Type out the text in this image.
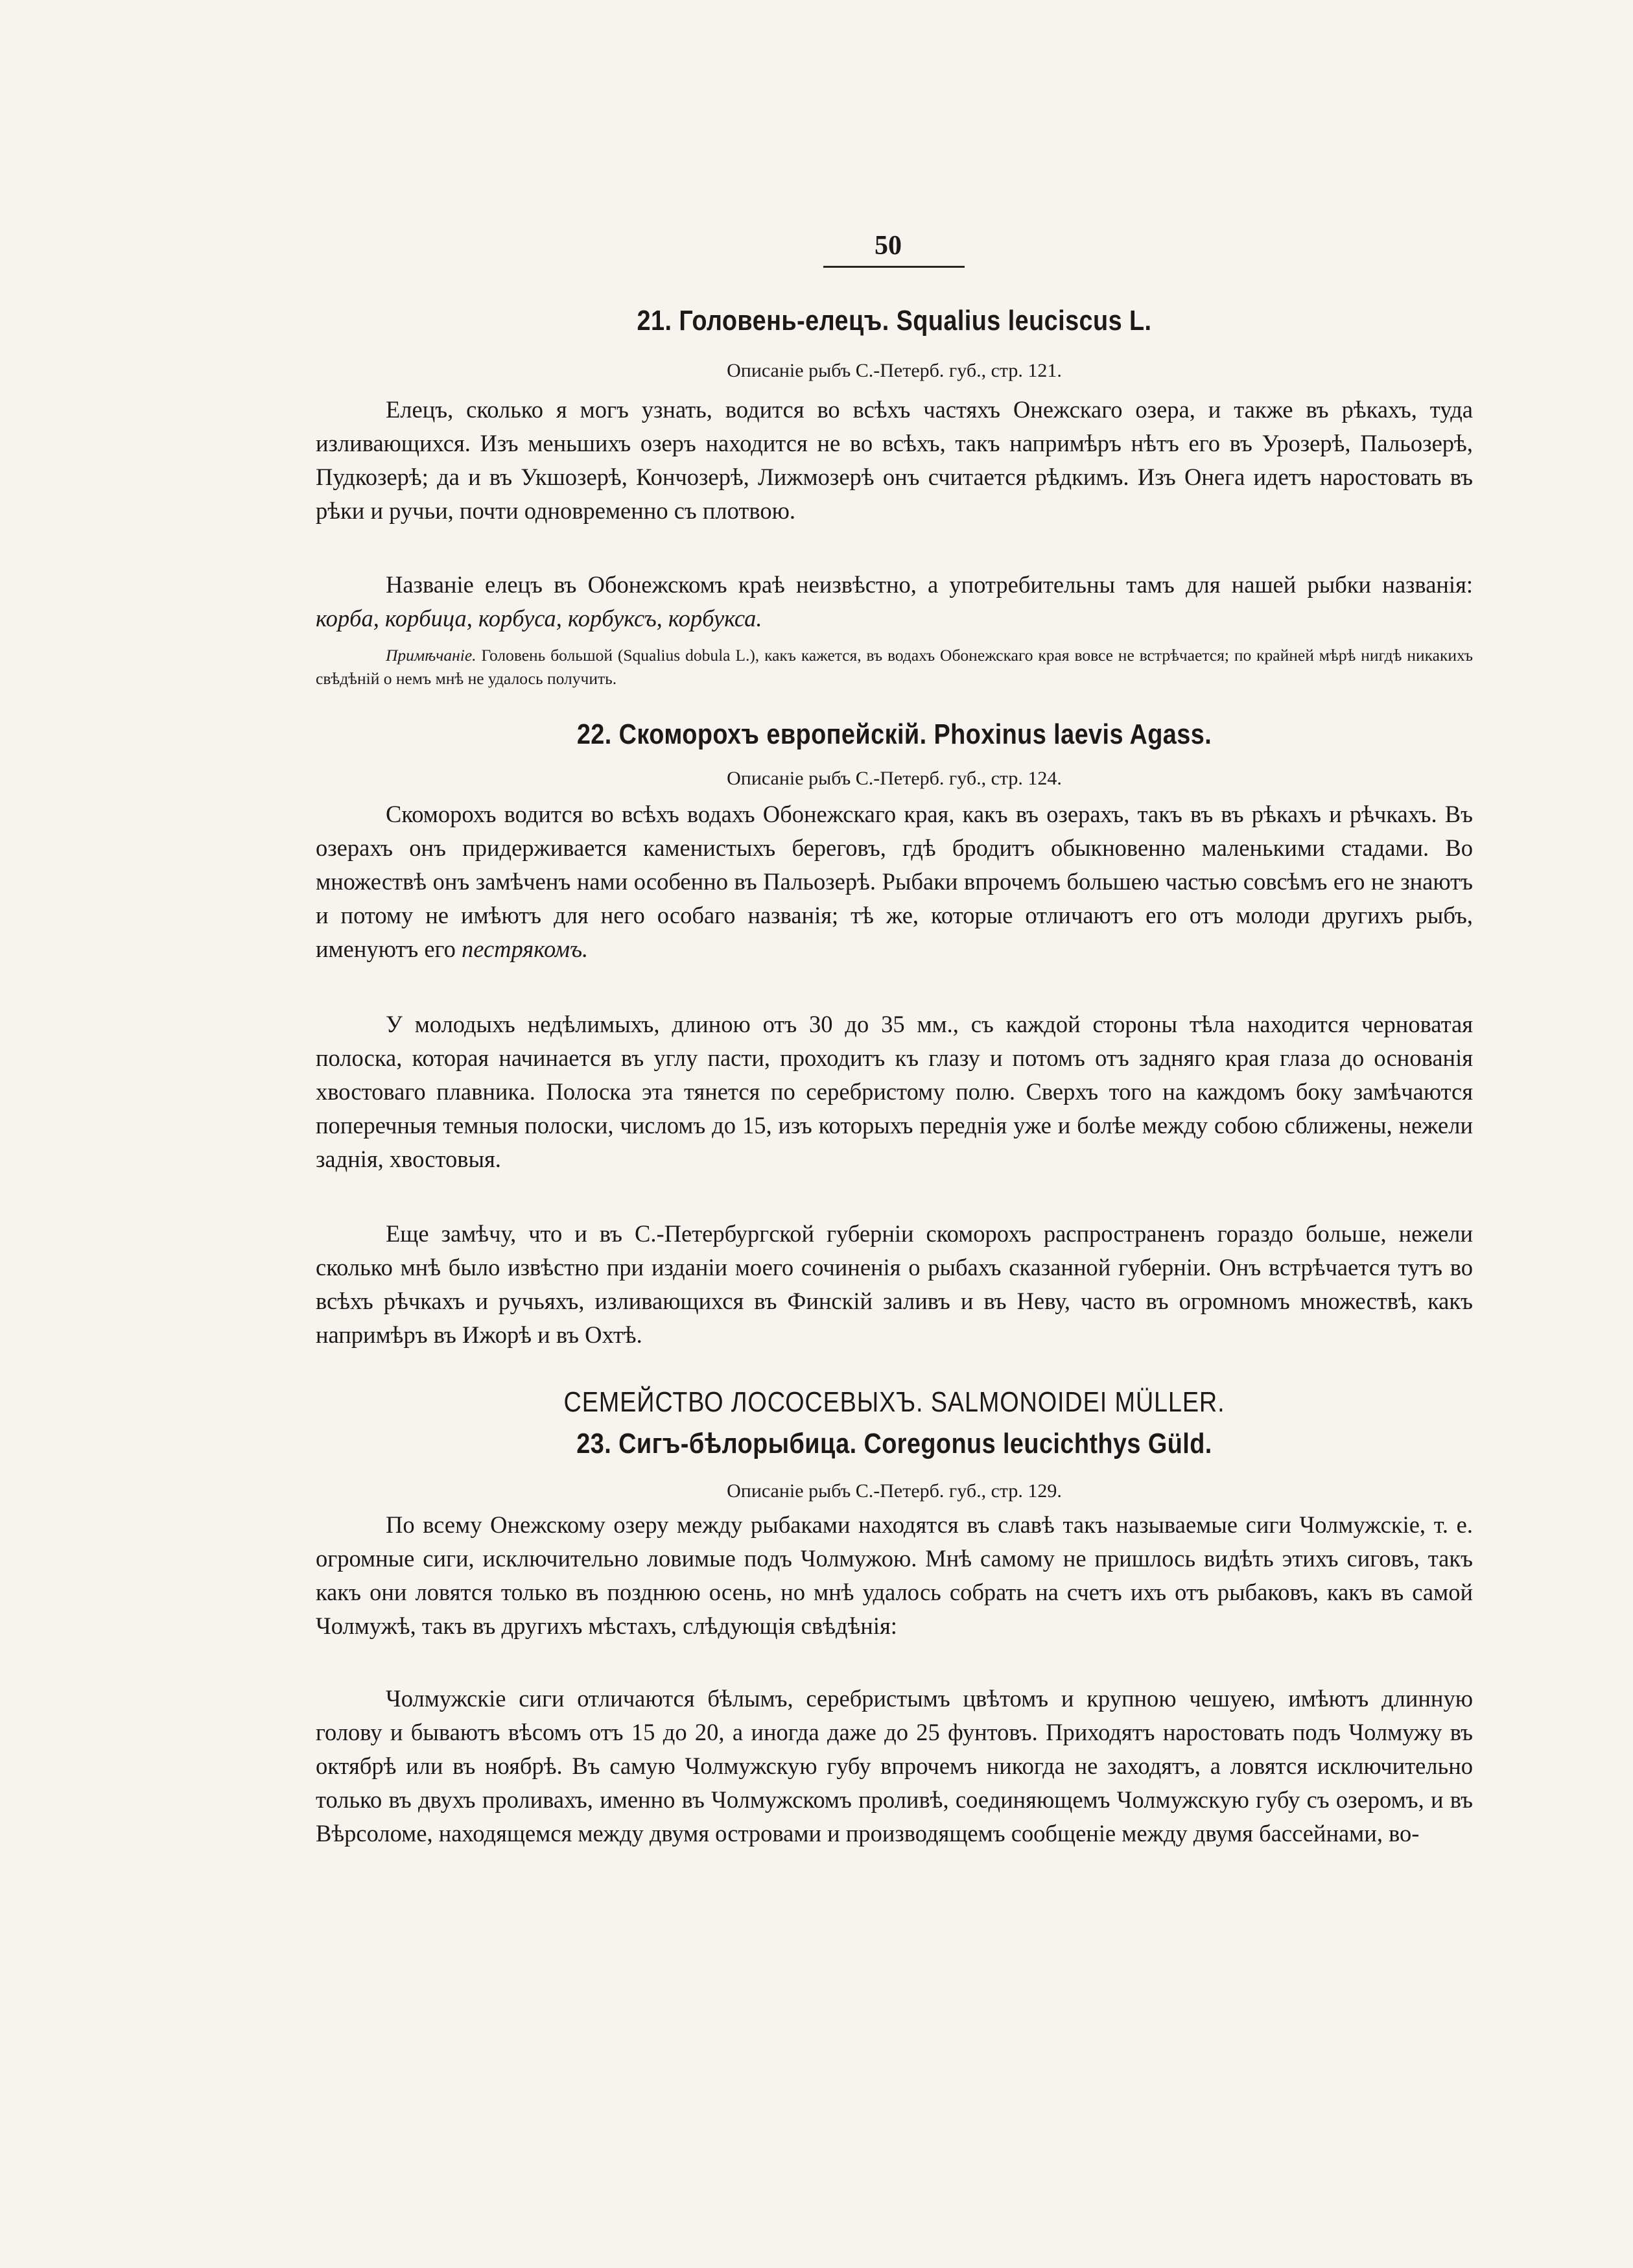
50
21. Головень-елецъ. Squalius leuciscus L.
Описаніе рыбъ С.-Петерб. губ., стр. 121.

Елецъ, сколько я могъ узнать, водится во всѣхъ частяхъ Онежскаго озера, и также въ рѣкахъ, туда изливающихся. Изъ меньшихъ озеръ находится не во всѣхъ, такъ напримѣръ нѣтъ его въ Урозерѣ, Пальозерѣ, Пудкозерѣ; да и въ Укшозерѣ, Кончозерѣ, Лижмозерѣ онъ считается рѣдкимъ. Изъ Онега идетъ наростовать въ рѣки и ручьи, почти одновременно съ плотвою.

Названіе елецъ въ Обонежскомъ краѣ неизвѣстно, а употребительны тамъ для нашей рыбки названія: корба, корбица, корбуса, корбуксъ, корбукса.

Примѣчаніе. Головень большой (Squalius dobula L.), какъ кажется, въ водахъ Обонежскаго края вовсе не встрѣчается; по крайней мѣрѣ нигдѣ никакихъ свѣдѣній о немъ мнѣ не удалось получить.

22. Скоморохъ европейскій. Phoxinus laevis Agass.
Описаніе рыбъ С.-Петерб. губ., стр. 124.

Скоморохъ водится во всѣхъ водахъ Обонежскаго края, какъ въ озерахъ, такъ въ въ рѣкахъ и рѣчкахъ. Въ озерахъ онъ придерживается каменистыхъ береговъ, гдѣ бродитъ обыкновенно маленькими стадами. Во множествѣ онъ замѣченъ нами особенно въ Пальозерѣ. Рыбаки впрочемъ большею частью совсѣмъ его не знаютъ и потому не имѣютъ для него особаго названія; тѣ же, которые отличаютъ его отъ молоди другихъ рыбъ, именуютъ его пестрякомъ.

У молодыхъ недѣлимыхъ, длиною отъ 30 до 35 мм., съ каждой стороны тѣла находится черноватая полоска, которая начинается въ углу пасти, проходитъ къ глазу и потомъ отъ задняго края глаза до основанія хвостоваго плавника. Полоска эта тянется по серебристому полю. Сверхъ того на каждомъ боку замѣчаются поперечныя темныя полоски, числомъ до 15, изъ которыхъ переднія уже и болѣе между собою сближены, нежели заднія, хвостовыя.

Еще замѣчу, что и въ С.-Петербургской губерніи скоморохъ распространенъ гораздо больше, нежели сколько мнѣ было извѣстно при изданіи моего сочиненія о рыбахъ сказанной губерніи. Онъ встрѣчается тутъ во всѣхъ рѣчкахъ и ручьяхъ, изливающихся въ Финскій заливъ и въ Неву, часто въ огромномъ множествѣ, какъ напримѣръ въ Ижорѣ и въ Охтѣ.

СЕМЕЙСТВО ЛОСОСЕВЫХЪ. SALMONOIDEI MÜLLER.
23. Сигъ-бѣлорыбица. Coregonus leucichthys Güld.
Описаніе рыбъ С.-Петерб. губ., стр. 129.

По всему Онежскому озеру между рыбаками находятся въ славѣ такъ называемые сиги Чолмужскіе, т. е. огромные сиги, исключительно ловимые подъ Чолмужою. Мнѣ самому не пришлось видѣть этихъ сиговъ, такъ какъ они ловятся только въ позднюю осень, но мнѣ удалось собрать на счетъ ихъ отъ рыбаковъ, какъ въ самой Чолмужѣ, такъ въ другихъ мѣстахъ, слѣдующія свѣдѣнія:

Чолмужскіе сиги отличаются бѣлымъ, серебристымъ цвѣтомъ и крупною чешуею, имѣютъ длинную голову и бываютъ вѣсомъ отъ 15 до 20, а иногда даже до 25 фунтовъ. Приходятъ наростовать подъ Чолмужу въ октябрѣ или въ ноябрѣ. Въ самую Чолмужскую губу впрочемъ никогда не заходятъ, а ловятся исключительно только въ двухъ проливахъ, именно въ Чолмужскомъ проливѣ, соединяющемъ Чолмужскую губу съ озеромъ, и въ Вѣрсоломе, находящемся между двумя островами и производящемъ сообщеніе между двумя бассейнами, во-
